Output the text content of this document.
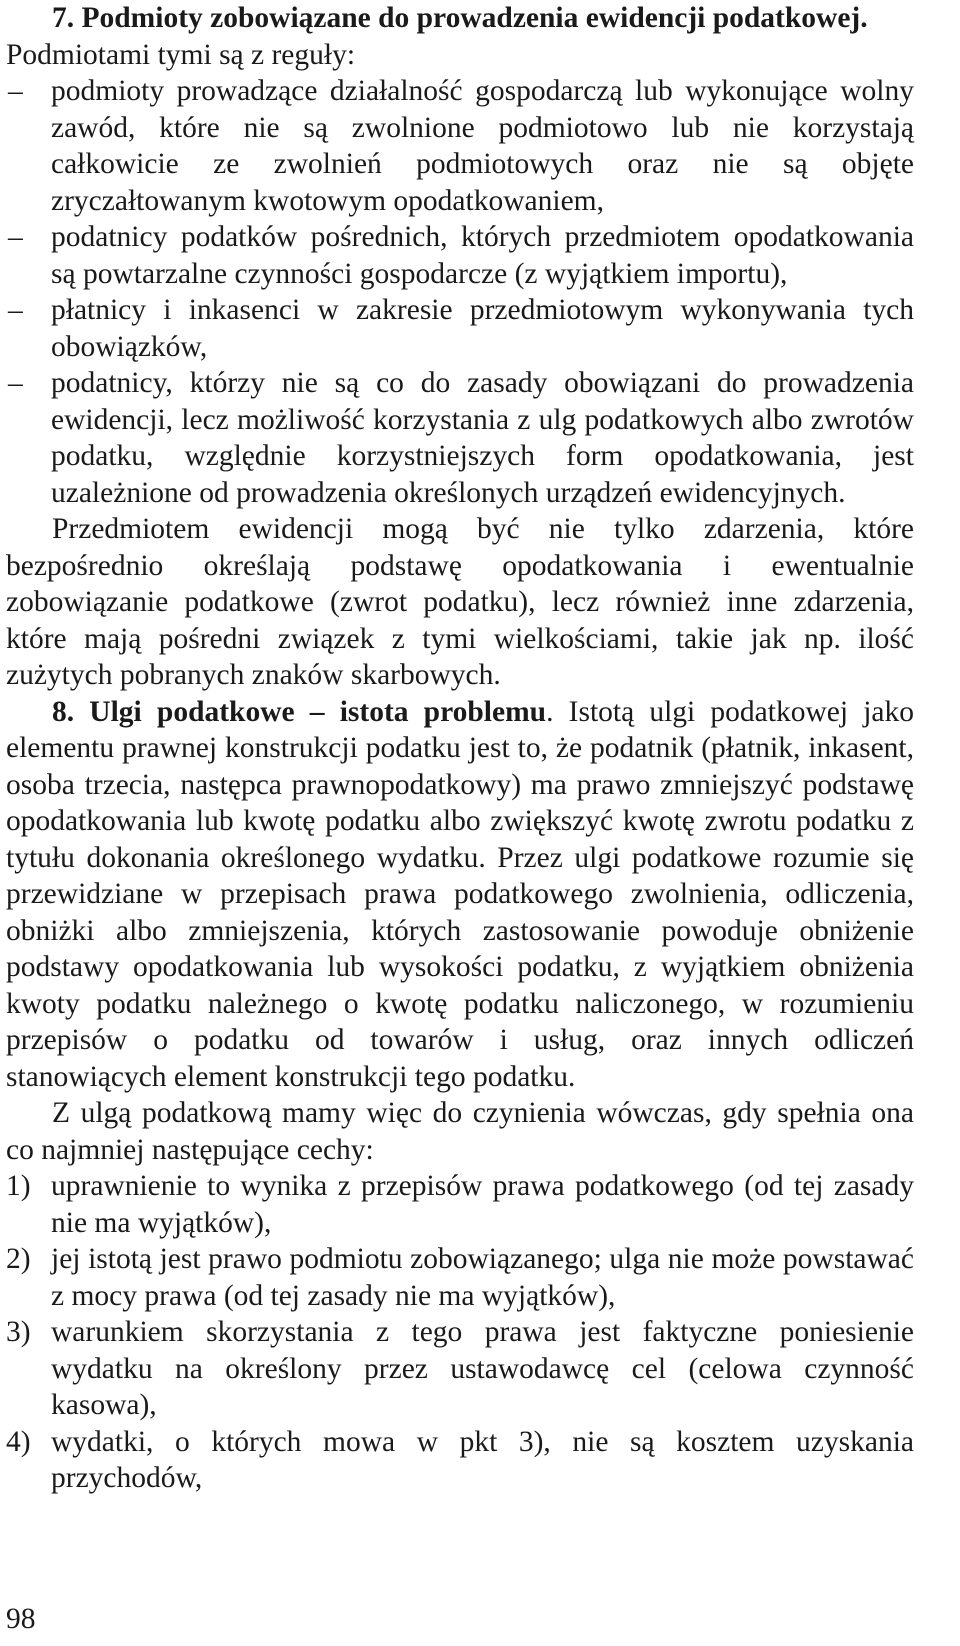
7. Podmioty zobowiązane do prowadzenia ewidencji podatkowej.

Podmiotami tymi są z reguły:

– podmioty prowadzące działalność gospodarczą lub wykonujące wolny zawód, które nie są zwolnione podmiotowo lub nie korzystają całkowicie ze zwolnień podmiotowych oraz nie są objęte zryczałtowanym kwotowym opodatkowaniem,
– podatnicy podatków pośrednich, których przedmiotem opodatkowania są powtarzalne czynności gospodarcze (z wyjątkiem importu),
– płatnicy i inkasenci w zakresie przedmiotowym wykonywania tych obowiązków,
– podatnicy, którzy nie są co do zasady obowiązani do prowadzenia ewidencji, lecz możliwość korzystania z ulg podatkowych albo zwrotów podatku, względnie korzystniejszych form opodatkowania, jest uzależnione od prowadzenia określonych urządzeń ewidencyjnych.

Przedmiotem ewidencji mogą być nie tylko zdarzenia, które bezpośrednio określają podstawę opodatkowania i ewentualnie zobowiązanie podatkowe (zwrot podatku), lecz również inne zdarzenia, które mają pośredni związek z tymi wielkościami, takie jak np. ilość zużytych pobranych znaków skarbowych.

8. Ulgi podatkowe – istota problemu. Istotą ulgi podatkowej jako elementu prawnej konstrukcji podatku jest to, że podatnik (płatnik, inkasent, osoba trzecia, następca prawnopodatkowy) ma prawo zmniejszyć podstawę opodatkowania lub kwotę podatku albo zwiększyć kwotę zwrotu podatku z tytułu dokonania określonego wydatku. Przez ulgi podatkowe rozumie się przewidziane w przepisach prawa podatkowego zwolnienia, odliczenia, obniżki albo zmniejszenia, których zastosowanie powoduje obniżenie podstawy opodatkowania lub wysokości podatku, z wyjątkiem obniżenia kwoty podatku należnego o kwotę podatku naliczonego, w rozumieniu przepisów o podatku od towarów i usług, oraz innych odliczeń stanowiących element konstrukcji tego podatku.

Z ulgą podatkową mamy więc do czynienia wówczas, gdy spełnia ona co najmniej następujące cechy:

1) uprawnienie to wynika z przepisów prawa podatkowego (od tej zasady nie ma wyjątków),
2) jej istotą jest prawo podmiotu zobowiązanego; ulga nie może powstawać z mocy prawa (od tej zasady nie ma wyjątków),
3) warunkiem skorzystania z tego prawa jest faktyczne poniesienie wydatku na określony przez ustawodawcę cel (celowa czynność kasowa),
4) wydatki, o których mowa w pkt 3), nie są kosztem uzyskania przychodów,
98
